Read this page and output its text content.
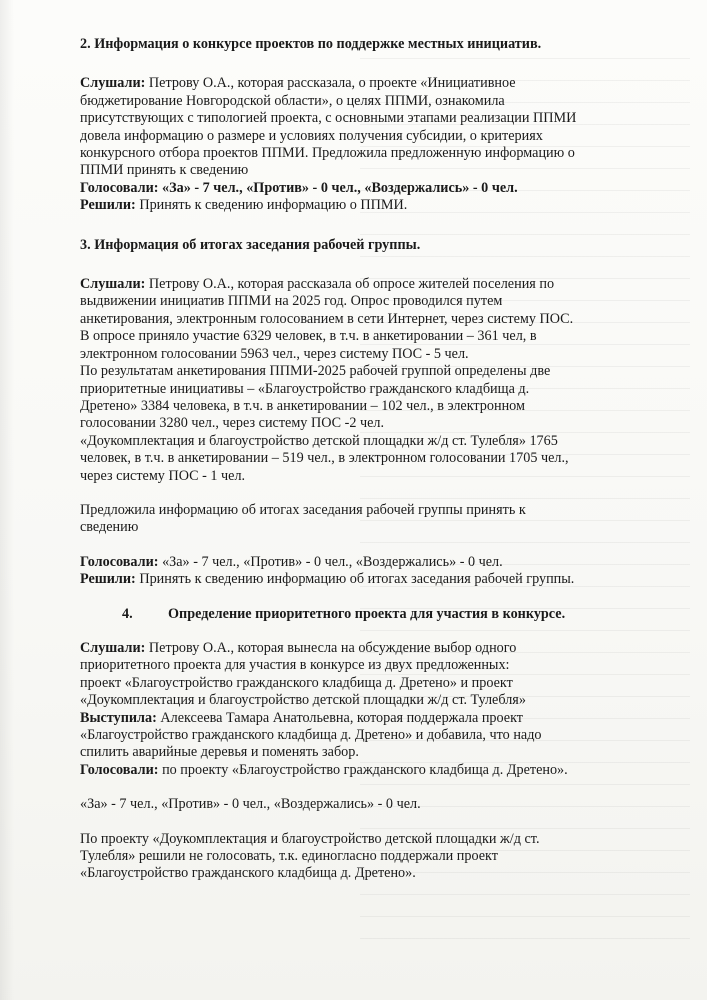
2. Информация о конкурсе проектов по поддержке местных инициатив.

Слушали: Петрову О.А., которая рассказала, о проекте «Инициативное

бюджетирование Новгородской области», о целях ППМИ, ознакомила

присутствующих с типологией проекта, с основными этапами реализации ППМИ

довела информацию о размере и условиях получения субсидии, о критериях

конкурсного отбора проектов ППМИ. Предложила предложенную информацию о

ППМИ принять к сведению

Голосовали: «За» - 7 чел., «Против» - 0 чел., «Воздержались» - 0 чел.

Решили: Принять к сведению информацию о ППМИ.

3. Информация об итогах заседания рабочей группы.

Слушали: Петрову О.А., которая рассказала об опросе жителей поселения по

выдвижении инициатив ППМИ на 2025 год. Опрос проводился путем

анкетирования, электронным голосованием в сети Интернет, через систему ПОС.

В опросе приняло участие 6329 человек, в т.ч. в анкетировании – 361 чел, в

электронном голосовании 5963 чел., через систему ПОС - 5 чел.

По результатам анкетирования ППМИ-2025 рабочей группой определены две

приоритетные инициативы – «Благоустройство гражданского кладбища д.

Дретено» 3384 человека, в т.ч. в анкетировании – 102 чел., в электронном

голосовании 3280 чел., через систему ПОС -2 чел.

«Доукомплектация и благоустройство детской площадки ж/д ст. Тулебля» 1765

человек, в т.ч. в анкетировании – 519 чел., в электронном голосовании 1705 чел.,

через систему ПОС - 1 чел.

Предложила информацию об итогах заседания рабочей группы принять к

сведению

Голосовали: «За» - 7 чел., «Против» - 0 чел., «Воздержались» - 0 чел.

Решили: Принять к сведению информацию об итогах заседания рабочей группы.

4. Определение приоритетного проекта для участия в конкурсе.

Слушали: Петрову О.А., которая вынесла на обсуждение выбор одного

приоритетного проекта для участия в конкурсе из двух предложенных:

проект «Благоустройство гражданского кладбища д. Дретено» и проект

«Доукомплектация и благоустройство детской площадки ж/д ст. Тулебля»

Выступила: Алексеева Тамара Анатольевна, которая поддержала проект

«Благоустройство гражданского кладбища д. Дретено» и добавила, что надо

спилить аварийные деревья и поменять забор.

Голосовали: по проекту «Благоустройство гражданского кладбища д. Дретено».

«За» - 7 чел., «Против» - 0 чел., «Воздержались» - 0 чел.

По проекту «Доукомплектация и благоустройство детской площадки ж/д ст.

Тулебля» решили не голосовать, т.к. единогласно поддержали проект

«Благоустройство гражданского кладбища д. Дретено».
